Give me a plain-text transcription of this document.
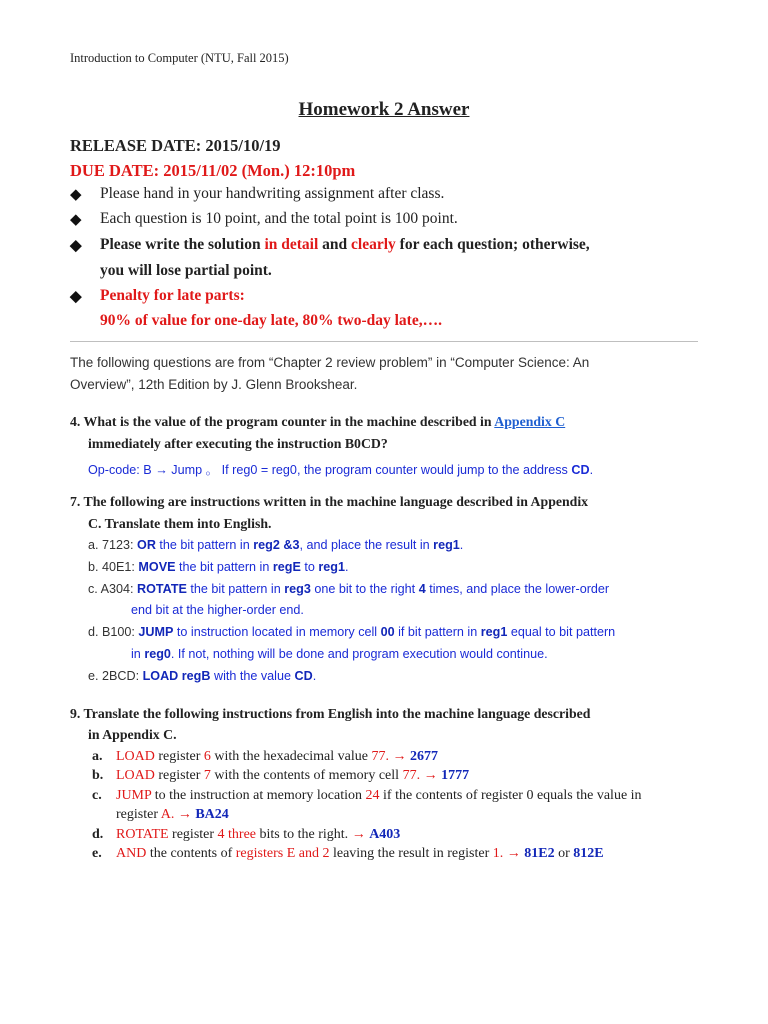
Introduction to Computer (NTU, Fall 2015)
Homework 2 Answer
RELEASE DATE: 2015/10/19
DUE DATE: 2015/11/02 (Mon.) 12:10pm
◆ Please hand in your handwriting assignment after class.
◆ Each question is 10 point, and the total point is 100 point.
◆ Please write the solution in detail and clearly for each question; otherwise,
you will lose partial point.
◆ Penalty for late parts:
90% of value for one-day late, 80% two-day late,….
The following questions are from “Chapter 2 review problem” in “Computer Science: An
Overview”, 12th Edition by J. Glenn Brookshear.
4. What is the value of the program counter in the machine described in Appendix C
immediately after executing the instruction B0CD?
Op-code: B → Jump 。 If reg0 = reg0, the program counter would jump to the address CD.
7. The following are instructions written in the machine language described in Appendix
C. Translate them into English.
a. 7123: OR the bit pattern in reg2 &3, and place the result in reg1.
b. 40E1: MOVE the bit pattern in regE to reg1.
c. A304: ROTATE the bit pattern in reg3 one bit to the right 4 times, and place the lower-order
end bit at the higher-order end.
d. B100: JUMP to instruction located in memory cell 00 if bit pattern in reg1 equal to bit pattern
in reg0. If not, nothing will be done and program execution would continue.
e. 2BCD: LOAD regB with the value CD.
9. Translate the following instructions from English into the machine language described
in Appendix C.
a. LOAD register 6 with the hexadecimal value 77. → 2677
b. LOAD register 7 with the contents of memory cell 77. → 1777
c. JUMP to the instruction at memory location 24 if the contents of register 0 equals the value in
register A. → BA24
d. ROTATE register 4 three bits to the right. → A403
e. AND the contents of registers E and 2 leaving the result in register 1. → 81E2 or 812E
